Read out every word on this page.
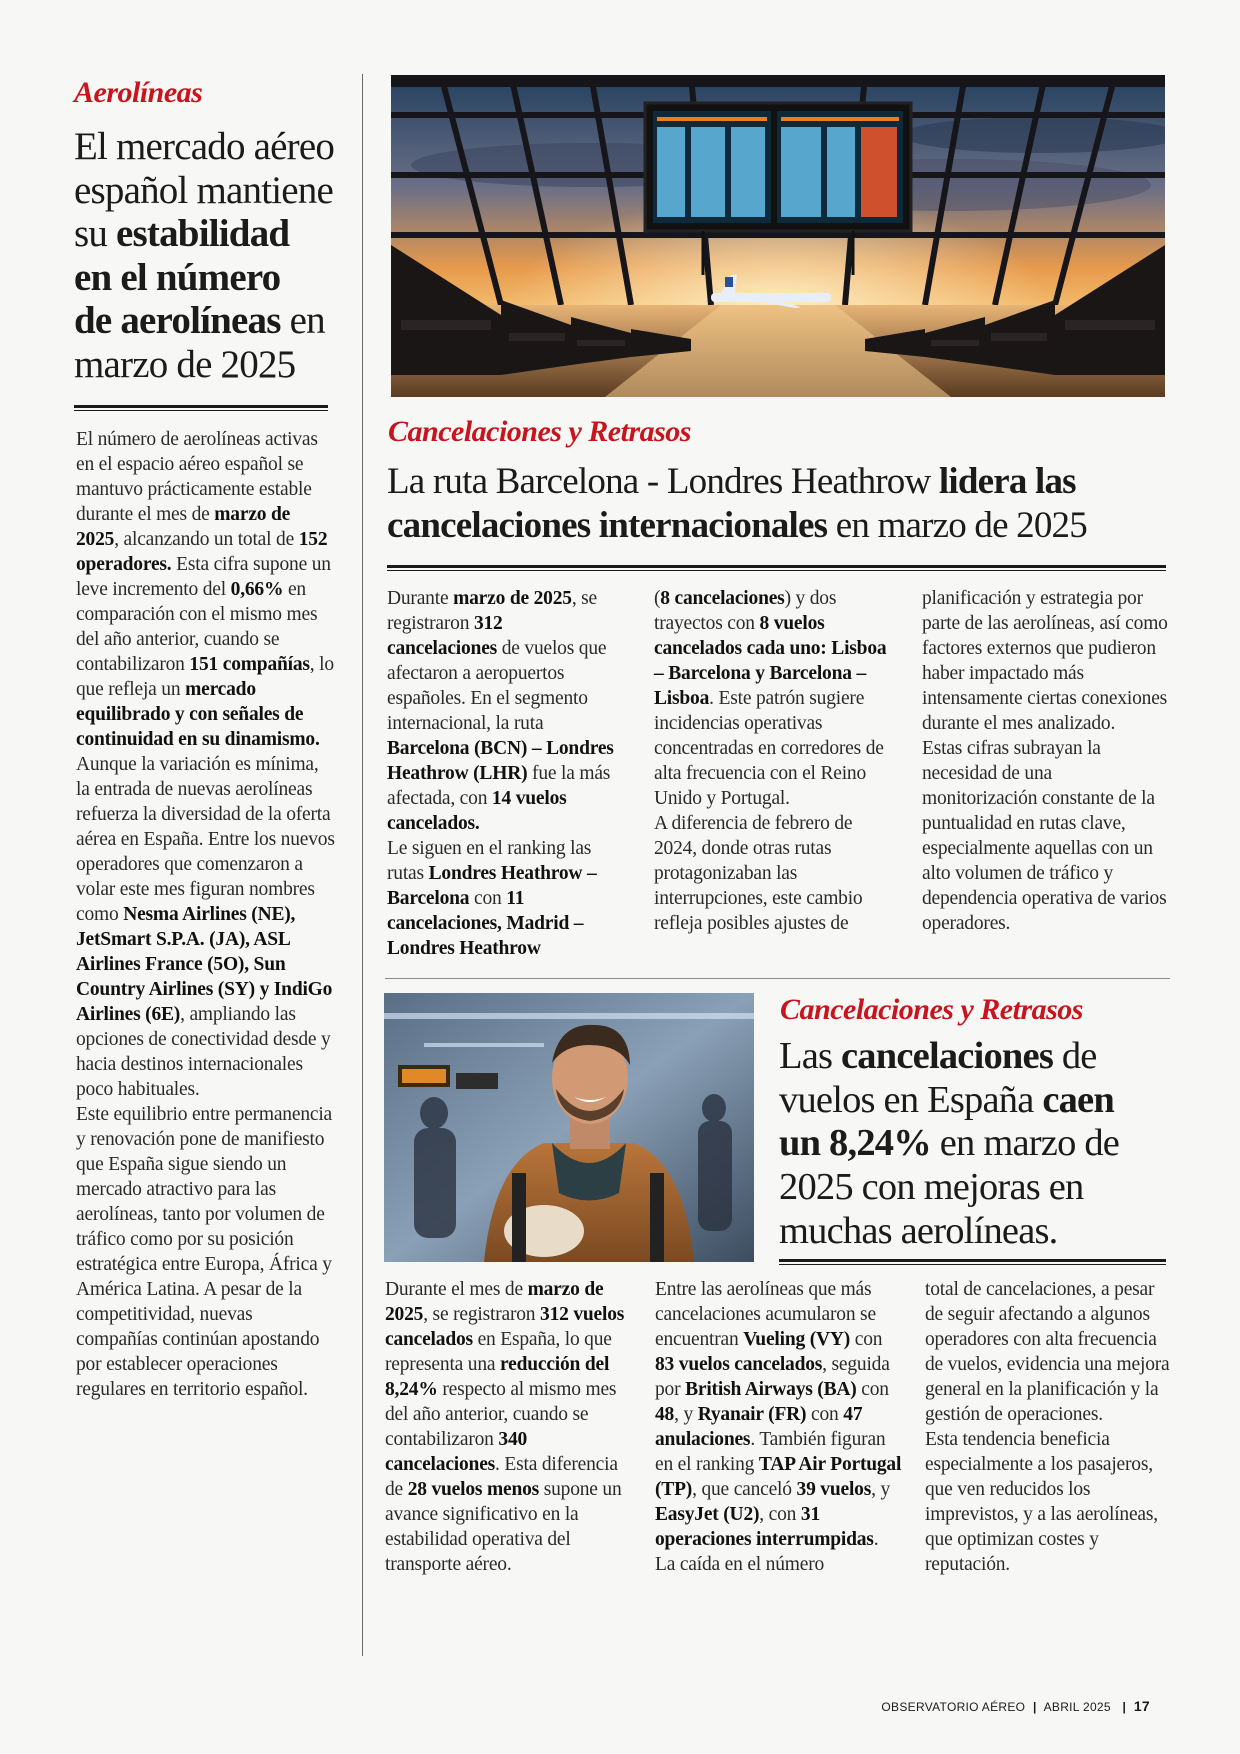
Aerolíneas
El mercado aéreo
español mantiene
su estabilidad
en el número
de aerolíneas en
marzo de 2025

El número de aerolíneas activas en el espacio aéreo español se mantuvo prácticamente estable durante el mes de marzo de 2025, alcanzando un total de 152 operadores. Esta cifra supone un leve incremento del 0,66% en comparación con el mismo mes del año anterior, cuando se contabilizaron 151 compañías, lo que refleja un mercado equilibrado y con señales de continuidad en su dinamismo.

Aunque la variación es mínima, la entrada de nuevas aerolíneas refuerza la diversidad de la oferta aérea en España. Entre los nuevos operadores que comenzaron a volar este mes figuran nombres como Nesma Airlines (NE), JetSmart S.P.A. (JA), ASL Airlines France (5O), Sun Country Airlines (SY) y IndiGo Airlines (6E), ampliando las opciones de conectividad desde y hacia destinos internacionales poco habituales.

Este equilibrio entre permanencia y renovación pone de manifiesto que España sigue siendo un mercado atractivo para las aerolíneas, tanto por volumen de tráfico como por su posición estratégica entre Europa, África y América Latina. A pesar de la competitividad, nuevas compañías continúan apostando por establecer operaciones regulares en territorio español.

Cancelaciones y Retrasos
La ruta Barcelona - Londres Heathrow lidera las
cancelaciones internacionales en marzo de 2025

Durante marzo de 2025, se registraron 312 cancelaciones de vuelos que afectaron a aeropuertos españoles. En el segmento internacional, la ruta Barcelona (BCN) – Londres Heathrow (LHR) fue la más afectada, con 14 vuelos cancelados.

Le siguen en el ranking las rutas Londres Heathrow – Barcelona con 11 cancelaciones, Madrid – Londres Heathrow

(8 cancelaciones) y dos trayectos con 8 vuelos cancelados cada uno: Lisboa – Barcelona y Barcelona – Lisboa. Este patrón sugiere incidencias operativas concentradas en corredores de alta frecuencia con el Reino Unido y Portugal.

A diferencia de febrero de 2024, donde otras rutas protagonizaban las interrupciones, este cambio refleja posibles ajustes de

planificación y estrategia por parte de las aerolíneas, así como factores externos que pudieron haber impactado más intensamente ciertas conexiones durante el mes analizado.

Estas cifras subrayan la necesidad de una monitorización constante de la puntualidad en rutas clave, especialmente aquellas con un alto volumen de tráfico y dependencia operativa de varios operadores.

Cancelaciones y Retrasos
Las cancelaciones de
vuelos en España caen
un 8,24% en marzo de
2025 con mejoras en
muchas aerolíneas.

Durante el mes de marzo de 2025, se registraron 312 vuelos cancelados en España, lo que representa una reducción del 8,24% respecto al mismo mes del año anterior, cuando se contabilizaron 340 cancelaciones. Esta diferencia de 28 vuelos menos supone un avance significativo en la estabilidad operativa del transporte aéreo.

Entre las aerolíneas que más cancelaciones acumularon se encuentran Vueling (VY) con 83 vuelos cancelados, seguida por British Airways (BA) con 48, y Ryanair (FR) con 47 anulaciones. También figuran en el ranking TAP Air Portugal (TP), que canceló 39 vuelos, y EasyJet (U2), con 31 operaciones interrumpidas.

La caída en el número

total de cancelaciones, a pesar de seguir afectando a algunos operadores con alta frecuencia de vuelos, evidencia una mejora general en la planificación y la gestión de operaciones.

Esta tendencia beneficia especialmente a los pasajeros, que ven reducidos los imprevistos, y a las aerolíneas, que optimizan costes y reputación.

OBSERVATORIO AÉREO | ABRIL 2025 | 17
